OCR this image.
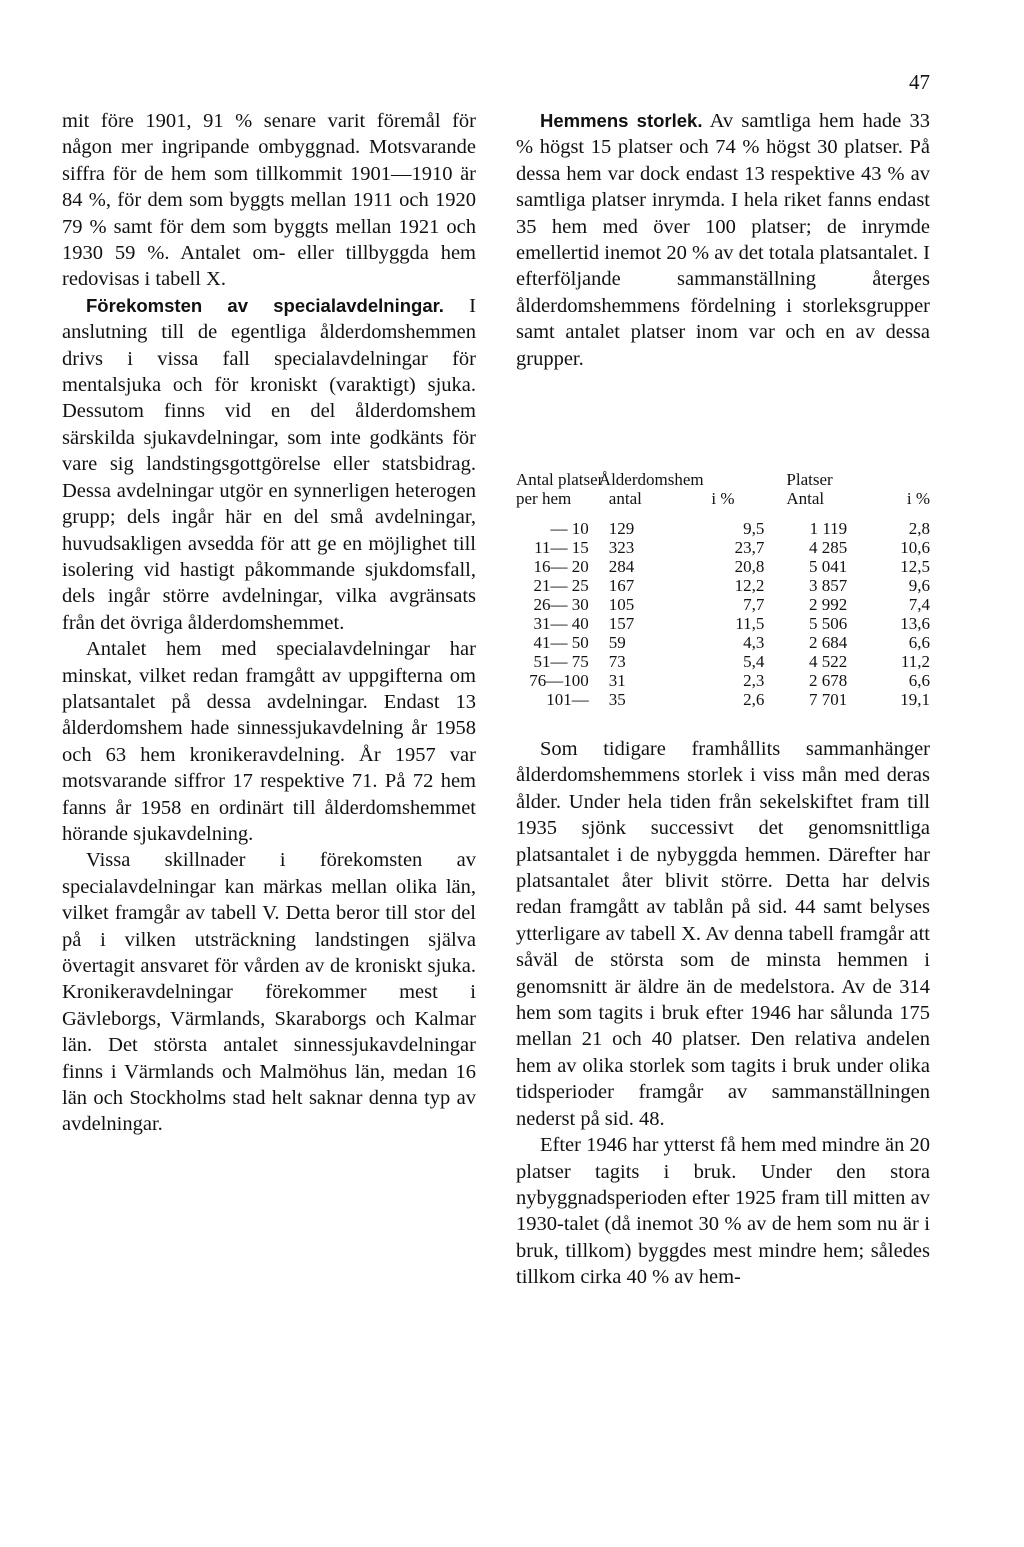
47

mit före 1901, 91 % senare varit föremål för någon mer ingripande ombyggnad. Motsvarande siffra för de hem som tillkommit 1901—1910 är 84 %, för dem som byggts mellan 1911 och 1920 79 % samt för dem som byggts mellan 1921 och 1930 59 %. Antalet om- eller tillbyggda hem redovisas i tabell X.

Förekomsten av specialavdelningar. I anslutning till de egentliga ålderdomshemmen drivs i vissa fall specialavdelningar för mentalsjuka och för kroniskt (varaktigt) sjuka. Dessutom finns vid en del ålderdomshem särskilda sjukavdelningar, som inte godkänts för vare sig landstingsgottgörelse eller statsbidrag. Dessa avdelningar utgör en synnerligen heterogen grupp; dels ingår här en del små avdelningar, huvudsakligen avsedda för att ge en möjlighet till isolering vid hastigt påkommande sjukdomsfall, dels ingår större avdelningar, vilka avgränsats från det övriga ålderdomshemmet.

Antalet hem med specialavdelningar har minskat, vilket redan framgått av uppgifterna om platsantalet på dessa avdelningar. Endast 13 ålderdomshem hade sinnessjukavdelning år 1958 och 63 hem kronikeravdelning. År 1957 var motsvarande siffror 17 respektive 71. På 72 hem fanns år 1958 en ordinärt till ålderdomshemmet hörande sjukavdelning.

Vissa skillnader i förekomsten av specialavdelningar kan märkas mellan olika län, vilket framgår av tabell V. Detta beror till stor del på i vilken utsträckning landstingen själva övertagit ansvaret för vården av de kroniskt sjuka. Kronikeravdelningar förekommer mest i Gävleborgs, Värmlands, Skaraborgs och Kalmar län. Det största antalet sinnessjukavdelningar finns i Värmlands och Malmöhus län, medan 16 län och Stockholms stad helt saknar denna typ av avdelningar.

Hemmens storlek. Av samtliga hem hade 33 % högst 15 platser och 74 % högst 30 platser. På dessa hem var dock endast 13 respektive 43 % av samtliga platser inrymda. I hela riket fanns endast 35 hem med över 100 platser; de inrymde emellertid inemot 20 % av det totala platsantalet. I efterföljande sammanställning återges ålderdomshemmens fördelning i storleksgrupper samt antalet platser inom var och en av dessa grupper.

Antal platser	Ålderdomshem		Platser	
per hem	antal	i %	Antal	i %
— 10	129	9,5	1 119	2,8
11— 15	323	23,7	4 285	10,6
16— 20	284	20,8	5 041	12,5
21— 25	167	12,2	3 857	9,6
26— 30	105	7,7	2 992	7,4
31— 40	157	11,5	5 506	13,6
41— 50	59	4,3	2 684	6,6
51— 75	73	5,4	4 522	11,2
76—100	31	2,3	2 678	6,6
101—	35	2,6	7 701	19,1

Som tidigare framhållits sammanhänger ålderdomshemmens storlek i viss mån med deras ålder. Under hela tiden från sekelskiftet fram till 1935 sjönk successivt det genomsnittliga platsantalet i de nybyggda hemmen. Därefter har platsantalet åter blivit större. Detta har delvis redan framgått av tablån på sid. 44 samt belyses ytterligare av tabell X. Av denna tabell framgår att såväl de största som de minsta hemmen i genomsnitt är äldre än de medelstora. Av de 314 hem som tagits i bruk efter 1946 har sålunda 175 mellan 21 och 40 platser. Den relativa andelen hem av olika storlek som tagits i bruk under olika tidsperioder framgår av sammanställningen nederst på sid. 48.

Efter 1946 har ytterst få hem med mindre än 20 platser tagits i bruk. Under den stora nybyggnadsperioden efter 1925 fram till mitten av 1930-talet (då inemot 30 % av de hem som nu är i bruk, tillkom) byggdes mest mindre hem; således tillkom cirka 40 % av hem-
